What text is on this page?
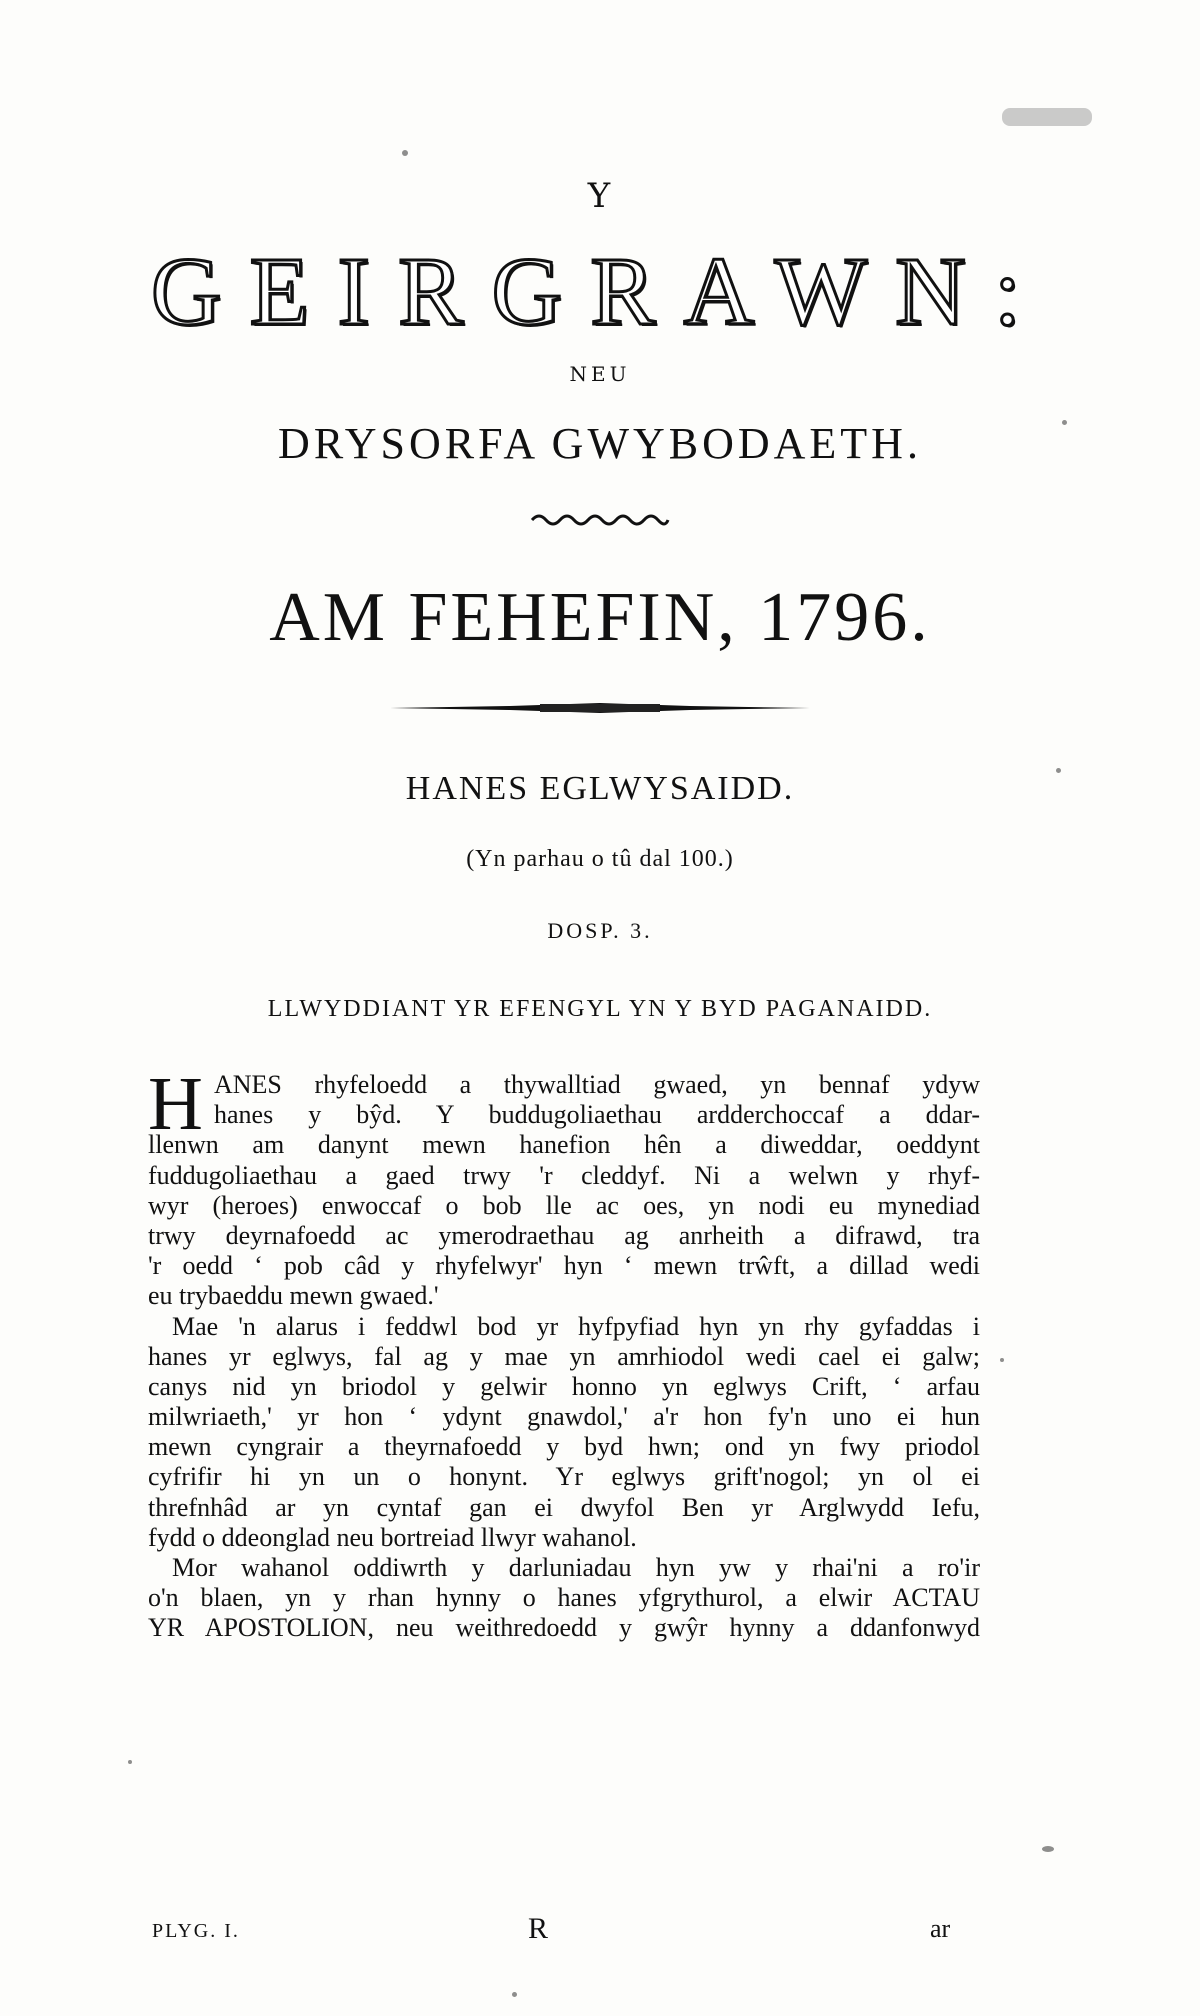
Y
GEIRGRAWN:
NEU
DRYSORFA GWYBODAETH.
AM FEHEFIN, 1796.
HANES EGLWYSAIDD.
(Yn parhau o tû dal 100.)
DOSP. 3.
LLWYDDIANT YR EFENGYL YN Y BYD PAGANAIDD.
H ANES rhyfeloedd a thywalltiad gwaed, yn bennaf ydyw
hanes y bŷd. Y buddugoliaethau ardderchoccaf a ddar-
llenwn am danynt mewn hanefion hên a diweddar, oeddynt
fuddugoliaethau a gaed trwy 'r cleddyf. Ni a welwn y rhyf-
wyr (heroes) enwoccaf o bob lle ac oes, yn nodi eu mynediad
trwy deyrnafoedd ac ymerodraethau ag anrheith a difrawd, tra
'r oedd ‘ pob câd y rhyfelwyr' hyn ‘ mewn trŵft, a dillad wedi
eu trybaeddu mewn gwaed.'
Mae 'n alarus i feddwl bod yr hyfpyfiad hyn yn rhy gyfaddas i
hanes yr eglwys, fal ag y mae yn amrhiodol wedi cael ei galw;
canys nid yn briodol y gelwir honno yn eglwys Crift, ‘ arfau
milwriaeth,' yr hon ‘ ydynt gnawdol,' a'r hon fy'n uno ei hun
mewn cyngrair a theyrnafoedd y byd hwn; ond yn fwy priodol
cyfrifir hi yn un o honynt. Yr eglwys grift'nogol; yn ol ei
threfnhâd ar yn cyntaf gan ei dwyfol Ben yr Arglwydd Iefu,
fydd o ddeonglad neu bortreiad llwyr wahanol.
Mor wahanol oddiwrth y darluniadau hyn yw y rhai'ni a ro'ir
o'n blaen, yn y rhan hynny o hanes yfgrythurol, a elwir ACTAU
YR APOSTOLION, neu weithredoedd y gwŷr hynny a ddanfonwyd
PLYG. I.	R	ar
